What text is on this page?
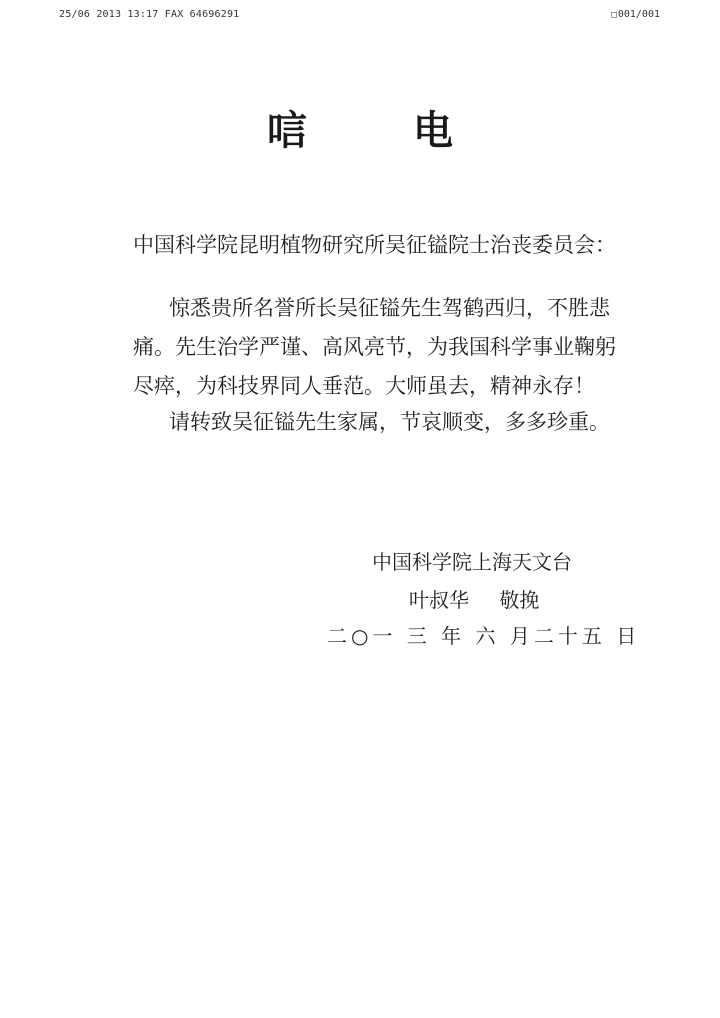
25/06 2013 13:17 FAX 64696291	□001/001
唁 电
中国科学院昆明植物研究所吴征镒院士治丧委员会：
惊悉贵所名誉所长吴征镒先生驾鹤西归，不胜悲
痛。先生治学严谨、高风亮节，为我国科学事业鞠躬
尽瘁，为科技界同人垂范。大师虽去，精神永存！
请转致吴征镒先生家属，节哀顺变，多多珍重。
中国科学院上海天文台
叶叔华 敬挽
二○一 三 年 六 月二十五 日
